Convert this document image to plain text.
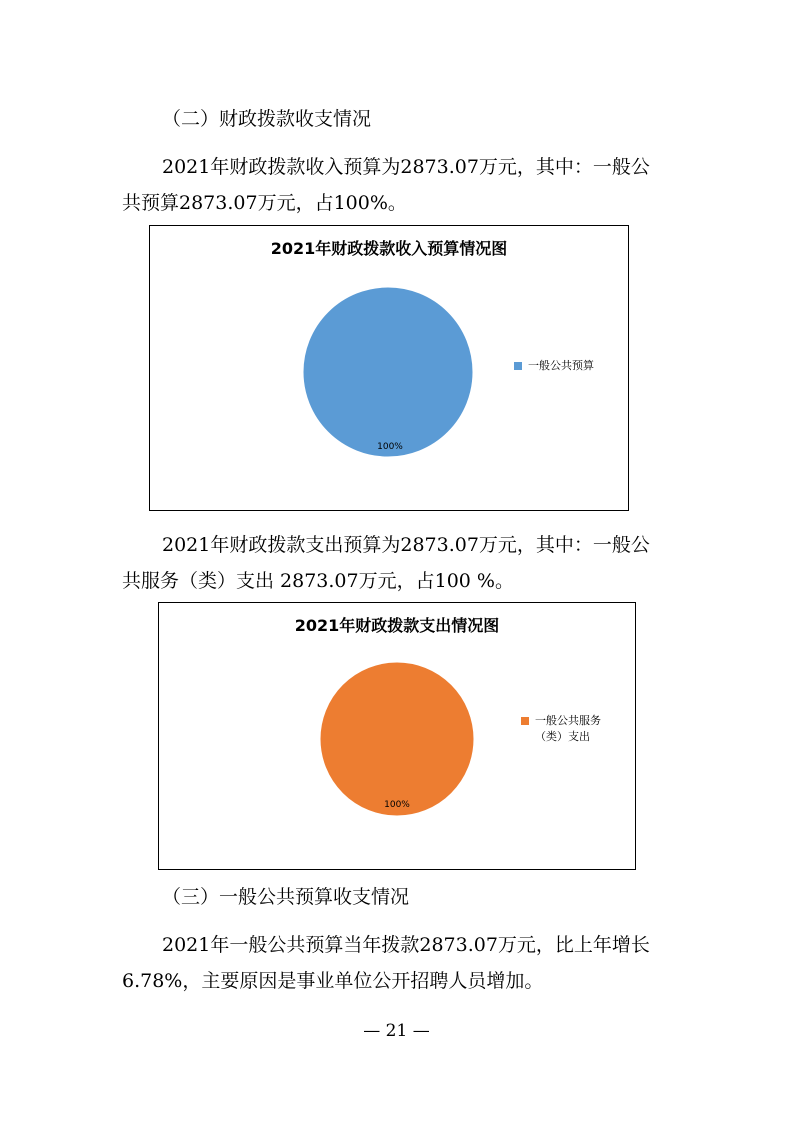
（二）财政拨款收支情况
2021年财政拨款收入预算为2873.07万元，其中：一般公
共预算2873.07万元，占100%。
2021年财政拨款收入预算情况图
100%
一般公共预算
2021年财政拨款支出预算为2873.07万元，其中：一般公
共服务（类）支出 2873.07万元，占100 %。
2021年财政拨款支出情况图
100%
一般公共服务（类）支出
（三）一般公共预算收支情况
2021年一般公共预算当年拨款2873.07万元，比上年增长
6.78%，主要原因是事业单位公开招聘人员增加。
— 21 —
